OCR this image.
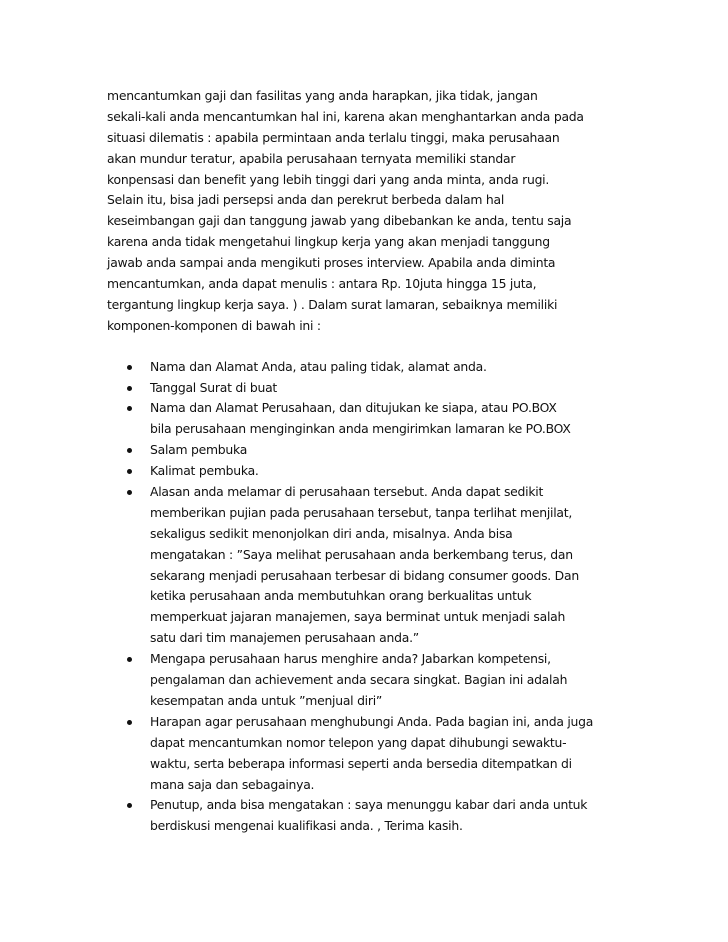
mencantumkan gaji dan fasilitas yang anda harapkan, jika tidak, jangan
sekali-kali anda mencantumkan hal ini, karena akan menghantarkan anda pada
situasi dilematis : apabila permintaan anda terlalu tinggi, maka perusahaan
akan mundur teratur, apabila perusahaan ternyata memiliki standar
konpensasi dan benefit yang lebih tinggi dari yang anda minta, anda rugi.
Selain itu, bisa jadi persepsi anda dan perekrut berbeda dalam hal
keseimbangan gaji dan tanggung jawab yang dibebankan ke anda, tentu saja
karena anda tidak mengetahui lingkup kerja yang akan menjadi tanggung
jawab anda sampai anda mengikuti proses interview. Apabila anda diminta
mencantumkan, anda dapat menulis : antara Rp. 10juta hingga 15 juta,
tergantung lingkup kerja saya. ) . Dalam surat lamaran, sebaiknya memiliki
komponen-komponen di bawah ini :
Nama dan Alamat Anda, atau paling tidak, alamat anda.
Tanggal Surat di buat
Nama dan Alamat Perusahaan, dan ditujukan ke siapa, atau PO.BOX
bila perusahaan menginginkan anda mengirimkan lamaran ke PO.BOX
Salam pembuka
Kalimat pembuka.
Alasan anda melamar di perusahaan tersebut. Anda dapat sedikit
memberikan pujian pada perusahaan tersebut, tanpa terlihat menjilat,
sekaligus sedikit menonjolkan diri anda, misalnya. Anda bisa
mengatakan : ”Saya melihat perusahaan anda berkembang terus, dan
sekarang menjadi perusahaan terbesar di bidang consumer goods. Dan
ketika perusahaan anda membutuhkan orang berkualitas untuk
memperkuat jajaran manajemen, saya berminat untuk menjadi salah
satu dari tim manajemen perusahaan anda.”
Mengapa perusahaan harus menghire anda? Jabarkan kompetensi,
pengalaman dan achievement anda secara singkat. Bagian ini adalah
kesempatan anda untuk ”menjual diri”
Harapan agar perusahaan menghubungi Anda. Pada bagian ini, anda juga
dapat mencantumkan nomor telepon yang dapat dihubungi sewaktu-
waktu, serta beberapa informasi seperti anda bersedia ditempatkan di
mana saja dan sebagainya.
Penutup, anda bisa mengatakan : saya menunggu kabar dari anda untuk
berdiskusi mengenai kualifikasi anda. , Terima kasih.
